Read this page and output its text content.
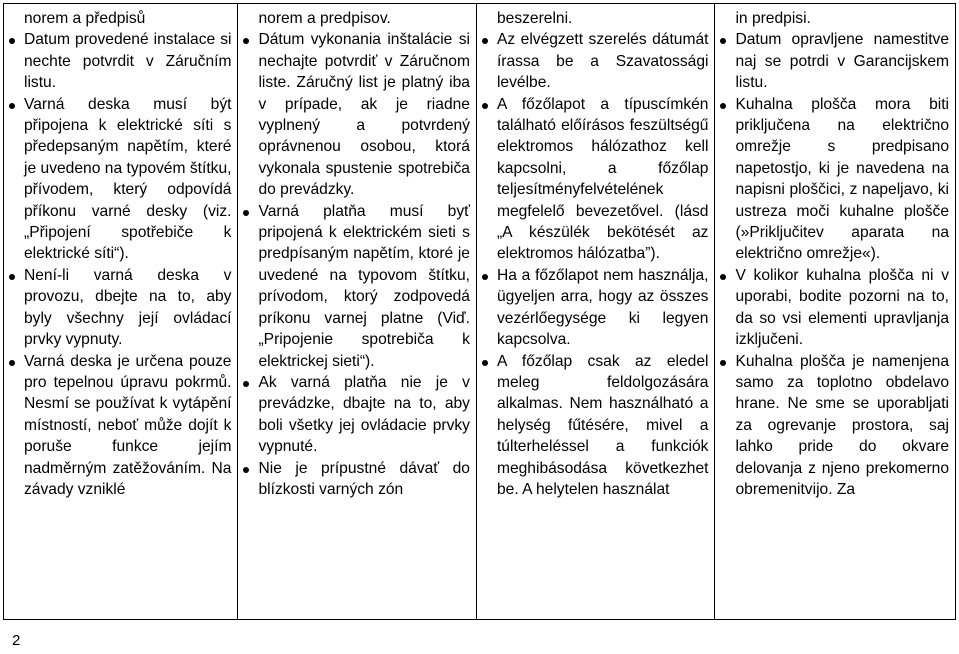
norem a předpisů
Datum provedené instalace si nechte potvrdit v Záručním listu.
Varná deska musí být připojena k elektrické síti s předepsaným napětím, které je uvedeno na typovém štítku, přívodem, který odpovídá příkonu varné desky (viz. „Připojení spotřebiče k elektrické síti“).
Není-li varná deska v provozu, dbejte na to, aby byly všechny její ovládací prvky vypnuty.
Varná deska je určena pouze pro tepelnou úpravu pokrmů. Nesmí se používat k vytápění místností, neboť může dojít k poruše funkce jejím nadměrným zatěžováním. Na závady vzniklé

norem a predpisov.
Dátum vykonania inštalácie si nechajte potvrdiť v Záručnom liste. Záručný list je platný iba v prípade, ak je riadne vyplnený a potvrdený oprávnenou osobou, ktorá vykonala spustenie spotrebiča do prevádzky.
Varná platňa musí byť pripojená k elektrickém sieti s predpísaným napětím, ktoré je uvedené na typovom štítku, prívodom, ktorý zodpovedá príkonu varnej platne (Viď. „Pripojenie spotrebiča k elektrickej sieti“).
Ak varná platňa nie je v prevádzke, dbajte na to, aby boli všetky jej ovládacie prvky vypnuté.
Nie je prípustné dávať do blízkosti varných zón

beszerelni.
Az elvégzett szerelés dátumát írassa be a Szavatossági levélbe.
A főzőlapot a típuscímkén található előírásos feszültségű elektromos hálózathoz kell kapcsolni, a főzőlap teljesítményfelvételének megfelelő bevezetővel. (lásd „A készülék bekötését az elektromos hálózatba”).
Ha a főzőlapot nem használja, ügyeljen arra, hogy az összes vezérlőegysége ki legyen kapcsolva.
A főzőlap csak az eledel meleg feldolgozására alkalmas. Nem használható a helység fűtésére, mivel a túlterheléssel a funkciók meghibásodása következhet be. A helytelen használat

in predpisi.
Datum opravljene namestitve naj se potrdi v Garancijskem listu.
Kuhalna plošča mora biti priključena na električno omrežje s predpisano napetostjo, ki je navedena na napisni ploščici, z napeljavo, ki ustreza moči kuhalne plošče (»Priključitev aparata na električno omrežje«).
V kolikor kuhalna plošča ni v uporabi, bodite pozorni na to, da so vsi elementi upravljanja izključeni.
Kuhalna plošča je namenjena samo za toplotno obdelavo hrane. Ne sme se uporabljati za ogrevanje prostora, saj lahko pride do okvare delovanja z njeno prekomerno obremenitvijo. Za
2
